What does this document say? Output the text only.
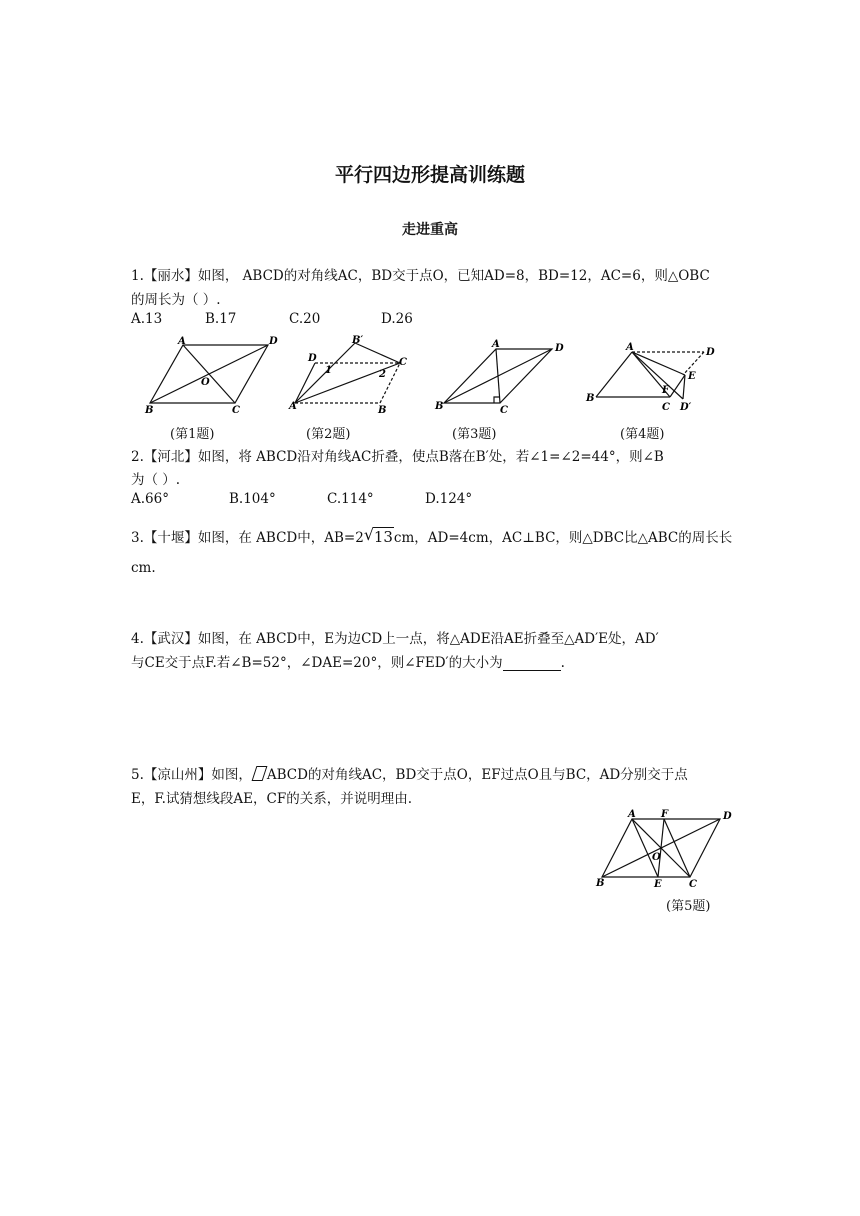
平行四边形提高训练题
走进重高
1.【丽水】如图， ABCD的对角线AC，BD交于点O，已知AD=8，BD=12，AC=6，则△OBC
的周长为（ ）.
A.13	B.17	C.20	D.26
A	D
O
B	C
D
B′
C
1	2
A	B
A	D
B	C
A	D
E
F
B
C D′
(第1题)	(第2题)	(第3题)	(第4题)
2.【河北】如图，将 ABCD沿对角线AC折叠，使点B落在B′处，若∠1=∠2=44°，则∠B
为（ ）.
A.66°	B.104°	C.114°	D.124°
3.【十堰】如图，在 ABCD中，AB=2 √ 13cm，AD=4cm，AC⊥BC，则△DBC比△ABC的周长长
cm.
4.【武汉】如图，在 ABCD中，E为边CD上一点，将△ADE沿AE折叠至△AD′E处，AD′
与CE交于点F.若∠B=52°，∠DAE=20°，则∠FED′的大小为	.
5.【凉山州】如图， ABCD的对角线AC，BD交于点O，EF过点O且与BC，AD分别交于点
E，F.试猜想线段AE，CF的关系，并说明理由.
A	F	D
O
B	E	C
(第5题)
